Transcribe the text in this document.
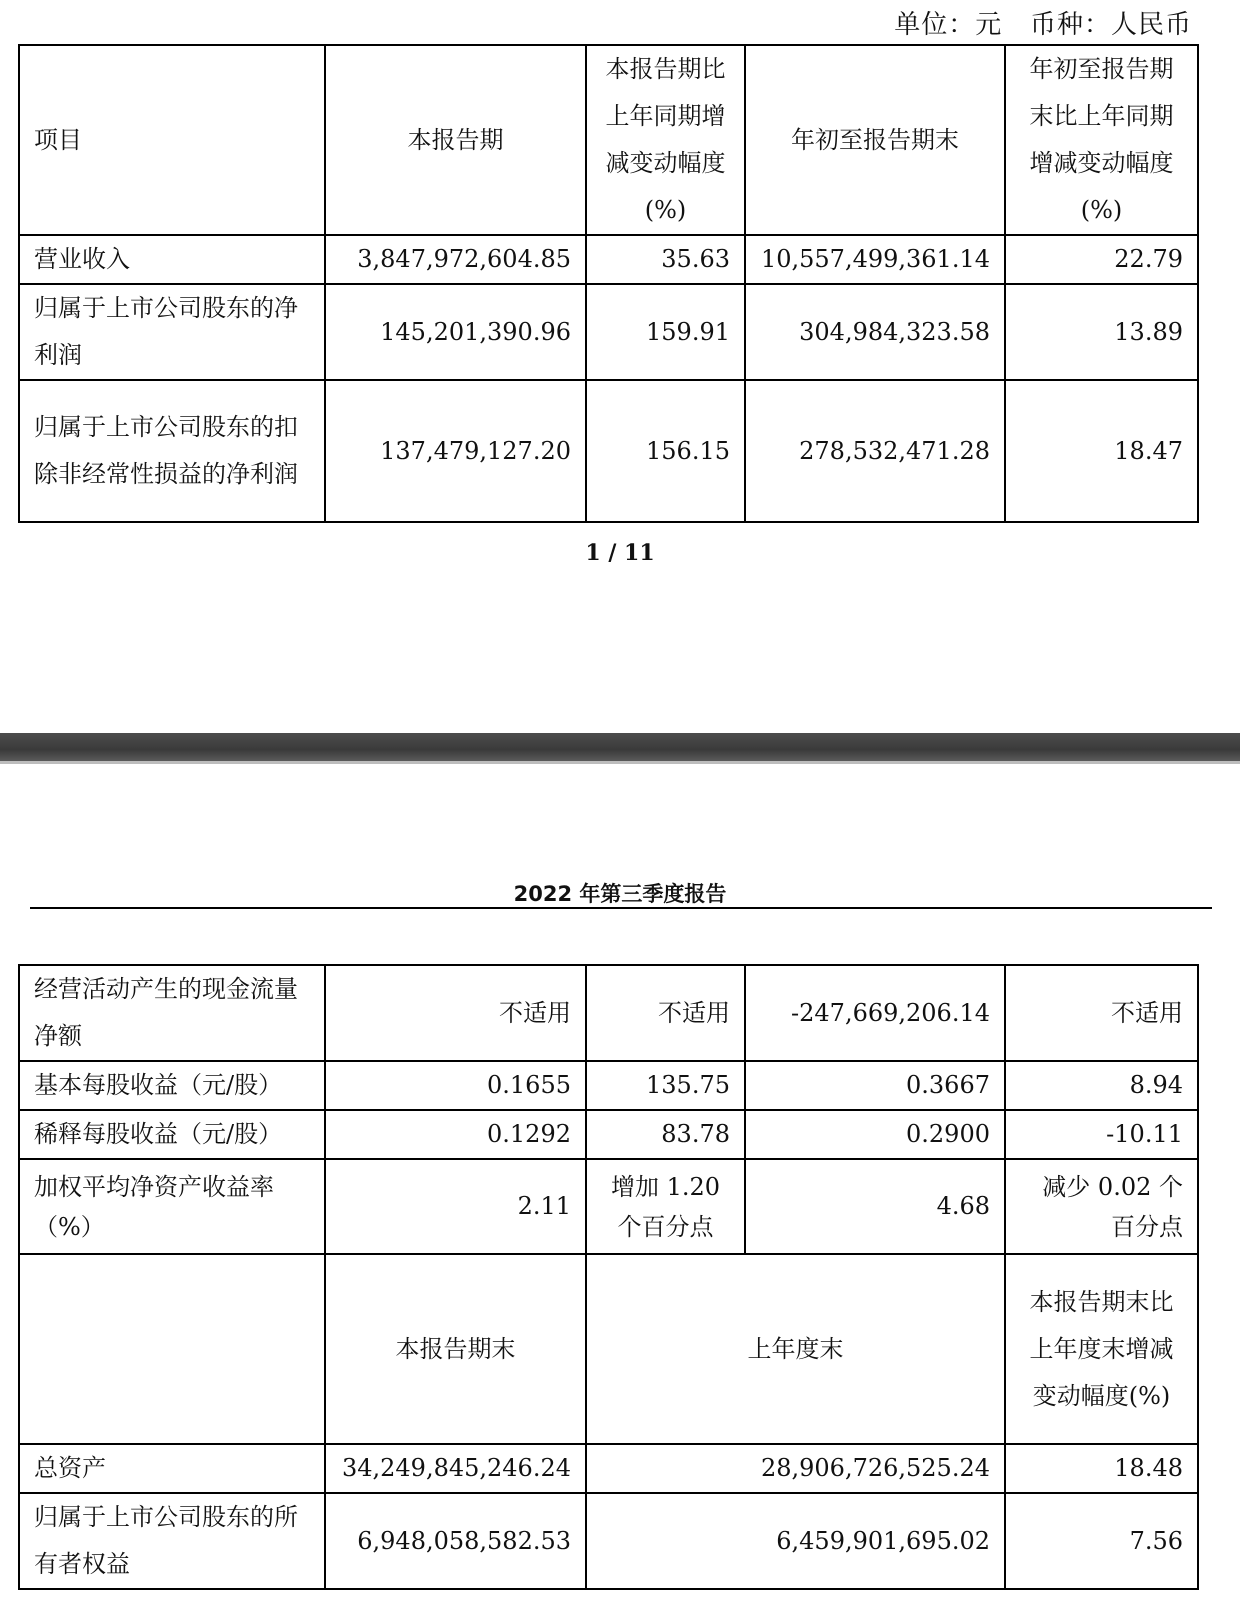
单位：元   币种：人民币
项目	本报告期	本报告期比上年同期增减变动幅度(%)	年初至报告期末	年初至报告期末比上年同期增减变动幅度(%)
营业收入	3,847,972,604.85	35.63	10,557,499,361.14	22.79
归属于上市公司股东的净利润	145,201,390.96	159.91	304,984,323.58	13.89
归属于上市公司股东的扣除非经常性损益的净利润	137,479,127.20	156.15	278,532,471.28	18.47
1 / 11
2022 年第三季度报告
经营活动产生的现金流量净额	不适用	不适用	-247,669,206.14	不适用
基本每股收益（元/股）	0.1655	135.75	0.3667	8.94
稀释每股收益（元/股）	0.1292	83.78	0.2900	-10.11
加权平均净资产收益率（%）	2.11	增加 1.20 个百分点	4.68	减少 0.02 个百分点
	本报告期末	上年度末		本报告期末比上年度末增减变动幅度(%)
总资产	34,249,845,246.24	28,906,726,525.24		18.48
归属于上市公司股东的所有者权益	6,948,058,582.53	6,459,901,695.02		7.56
